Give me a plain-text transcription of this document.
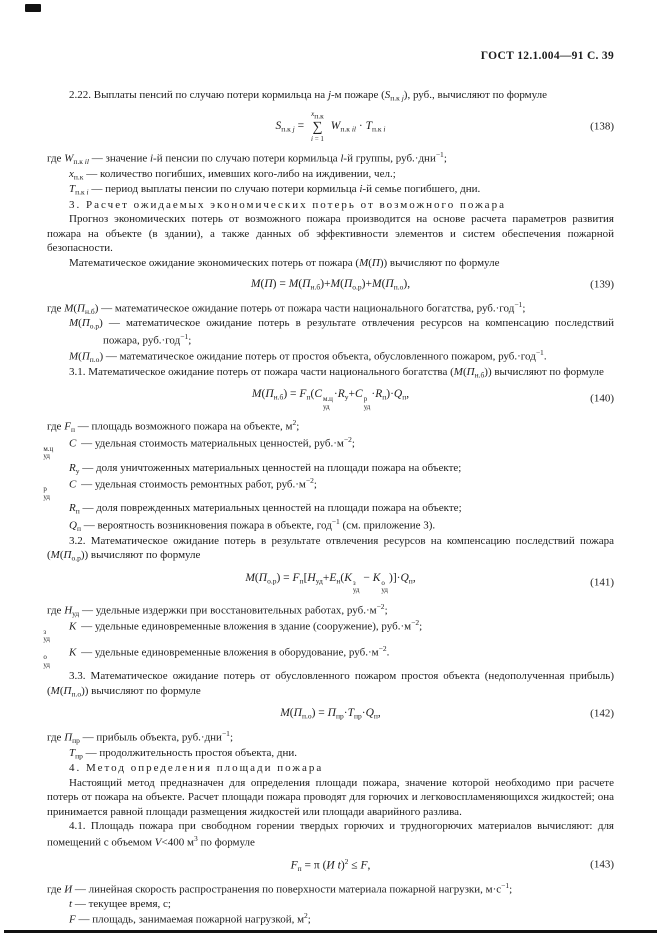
ГОСТ 12.1.004—91 С. 39

2.22. Выплаты пенсий по случаю потери кормильца на j-м пожаре ($S_{п.к}$ $_j$), руб., вычисляют по формуле

$S_{п.к}$ $_j$ =
xп.к
∑
i = 1
$W_{п.к}$ $_{il} \cdot T_{п.к}$ $_i$	(138)

где $W_{п.к}$ $_{il}$ — значение i-й пенсии по случаю потери кормильца l-й группы, руб.·дни$^{-1}$;

$x_{п.к}$ — количество погибших, имевших кого-либо на иждивении, чел.;

$T_{п.к}$ $_i$ — период выплаты пенсии по случаю потери кормильца i-й семье погибшего, дни.

3. Расчет ожидаемых экономических потерь от возможного пожара

Прогноз экономических потерь от возможного пожара производится на основе расчета параметров развития пожара на объекте (в здании), а также данных об эффективности элементов и систем обеспечения пожарной безопасности.

Математическое ожидание экономических потерь от пожара (М(П)) вычисляют по формуле

$М(П) = М(П_{н.б})+М(П_{о.р})+М(П_{п.о})$,	(139)

где $М(П_{н.б})$ — математическое ожидание потерь от пожара части национального богатства, руб.·год$^{-1}$;

$М(П_{о.р})$ — математическое ожидание потерь в результате отвлечения ресурсов на компенсацию последствий пожара, руб.·год$^{-1}$;

$М(П_{п.о})$ — математическое ожидание потерь от простоя объекта, обусловленного пожаром, руб.·год$^{-1}$.

3.1. Математическое ожидание потерь от пожара части национального богатства $(М(П_{н.б}))$ вычисляют по формуле

$М(П_{н.б}) = F_п(С$ м.ц
уд
$\cdot R_у+С$ р
уд
$\cdot R_п)\cdot Q_п$,	(140)

где $F_п$ — площадь возможного пожара на объекте, $м^2$;

С
м.ц
уд
— удельная стоимость материальных ценностей, $руб.\cdot м^{-2}$;

$R_у$ — доля уничтоженных материальных ценностей на площади пожара на объекте;

С
р
уд
— удельная стоимость ремонтных работ, $руб.\cdot м^{-2}$;

$R_п$ — доля поврежденных материальных ценностей на площади пожара на объекте;

$Q_п$ — вероятность возникновения пожара в объекте, год$^{-1}$ (см. приложение 3).

3.2. Математическое ожидание потерь в результате отвлечения ресурсов на компенсацию последствий пожара $(М(П_{о.р}))$ вычисляют по формуле

$М(П_{о.р}) = F_п[Н_{уд}+Е_н(К$ з
уд
− К о
уд
)]$\cdot Q_п$,	(141)

где $Н_{уд}$ — удельные издержки при восстановительных работах, $руб.\cdot м^{-2}$;

К
з
уд
— удельные единовременные вложения в здание (сооружение), $руб.\cdot м^{-2}$;

К
о
уд
— удельные единовременные вложения в оборудование, $руб.\cdot м^{-2}$.

3.3. Математическое ожидание потерь от обусловленного пожаром простоя объекта (недополученная прибыль) $(М(П_{п.о}))$ вычисляют по формуле

$М(П_{п.о}) = П_{пр}\cdot Т_{пр}\cdot Q_п$,	(142)

где $П_{пр}$ — прибыль объекта, руб.·дни$^{-1}$;

$Т_{пр}$ — продолжительность простоя объекта, дни.

4. Метод определения площади пожара

Настоящий метод предназначен для определения площади пожара, значение которой необходимо при расчете потерь от пожара на объекте. Расчет площади пожара проводят для горючих и легковоспламеняющихся жидкостей; она принимается равной площади размещения жидкостей или площади аварийного разлива.

4.1. Площадь пожара при свободном горении твердых горючих и трудногорючих материалов вычисляют: для помещений с объемом V<400 $м^3$ по формуле

$F_п = \pi$ (И t)$^2$ ≤ F,	(143)

где И — линейная скорость распространения по поверхности материала пожарной нагрузки, $м\cdot с^{-1}$;

t — текущее время, с;

F — площадь, занимаемая пожарной нагрузкой, $м^2$;
